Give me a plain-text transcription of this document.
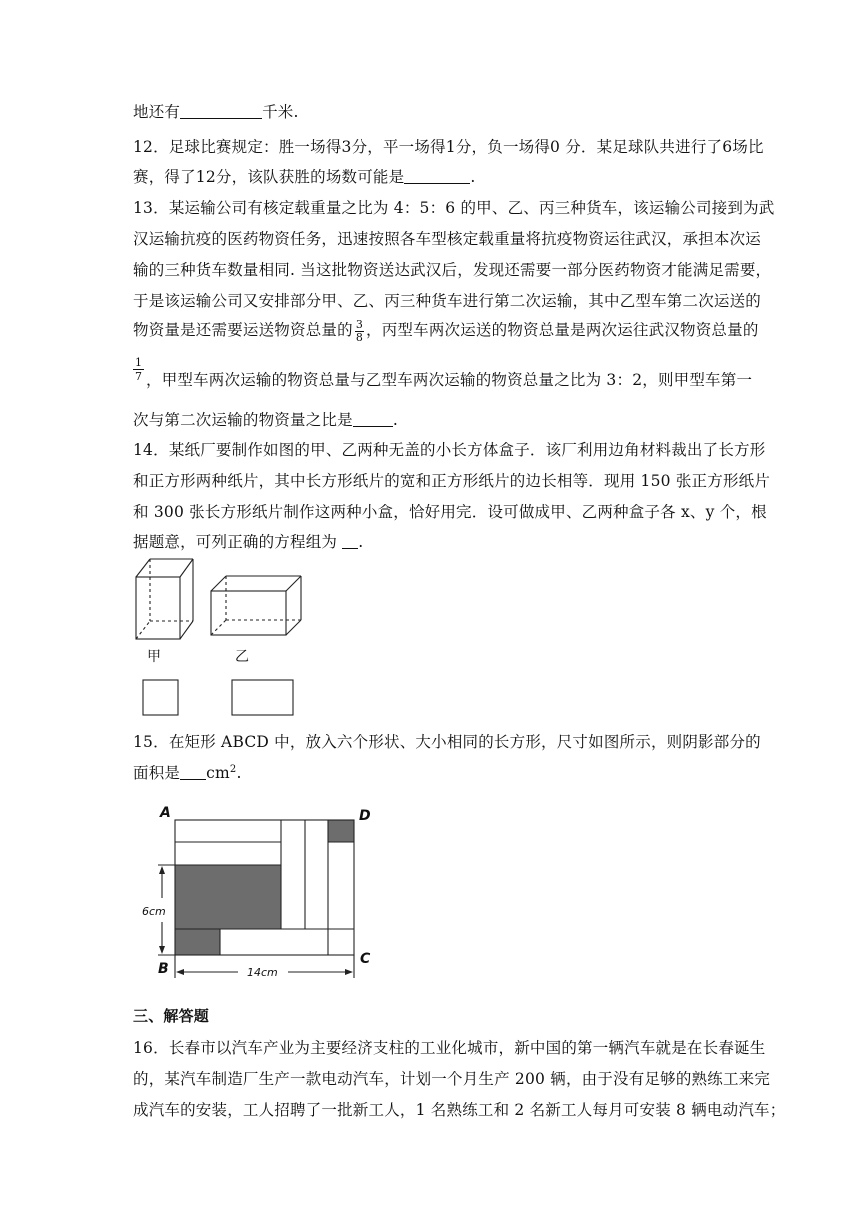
地还有	千米.
12．足球比赛规定：胜一场得3分，平一场得1分，负一场得0 分．某足球队共进行了6场比
赛，得了12分，该队获胜的场数可能是	.
13．某运输公司有核定载重量之比为 4：5：6 的甲、乙、丙三种货车，该运输公司接到为武
汉运输抗疫的医药物资任务，迅速按照各车型核定载重量将抗疫物资运往武汉，承担本次运
输的三种货车数量相同. 当这批物资送达武汉后，发现还需要一部分医药物资才能满足需要，
于是该运输公司又安排部分甲、乙、丙三种货车进行第二次运输，其中乙型车第二次运送的
物资量是还需要运送物资总量的 $\frac{3}{8}$ ，丙型车两次运送的物资总量是两次运往武汉物资总量的
$\frac{1}{7}$ ，甲型车两次运输的物资总量与乙型车两次运输的物资总量之比为 3：2，则甲型车第一
次与第二次运输的物资量之比是	.
14．某纸厂要制作如图的甲、乙两种无盖的小长方体盒子．该厂利用边角材料裁出了长方形
和正方形两种纸片，其中长方形纸片的宽和正方形纸片的边长相等．现用 150 张正方形纸片
和 300 张长方形纸片制作这两种小盒，恰好用完．设可做成甲、乙两种盒子各 x、y 个，根
据题意，可列正确的方程组为 .
甲	乙
15．在矩形 ABCD 中，放入六个形状、大小相同的长方形，尺寸如图所示，则阴影部分的
面积是 $cm^2$.
A	D
B
C
6cm
14cm
三、解答题
16．长春市以汽车产业为主要经济支柱的工业化城市，新中国的第一辆汽车就是在长春诞生
的，某汽车制造厂生产一款电动汽车，计划一个月生产 200 辆，由于没有足够的熟练工来完
成汽车的安装，工人招聘了一批新工人，1 名熟练工和 2 名新工人每月可安装 8 辆电动汽车；
